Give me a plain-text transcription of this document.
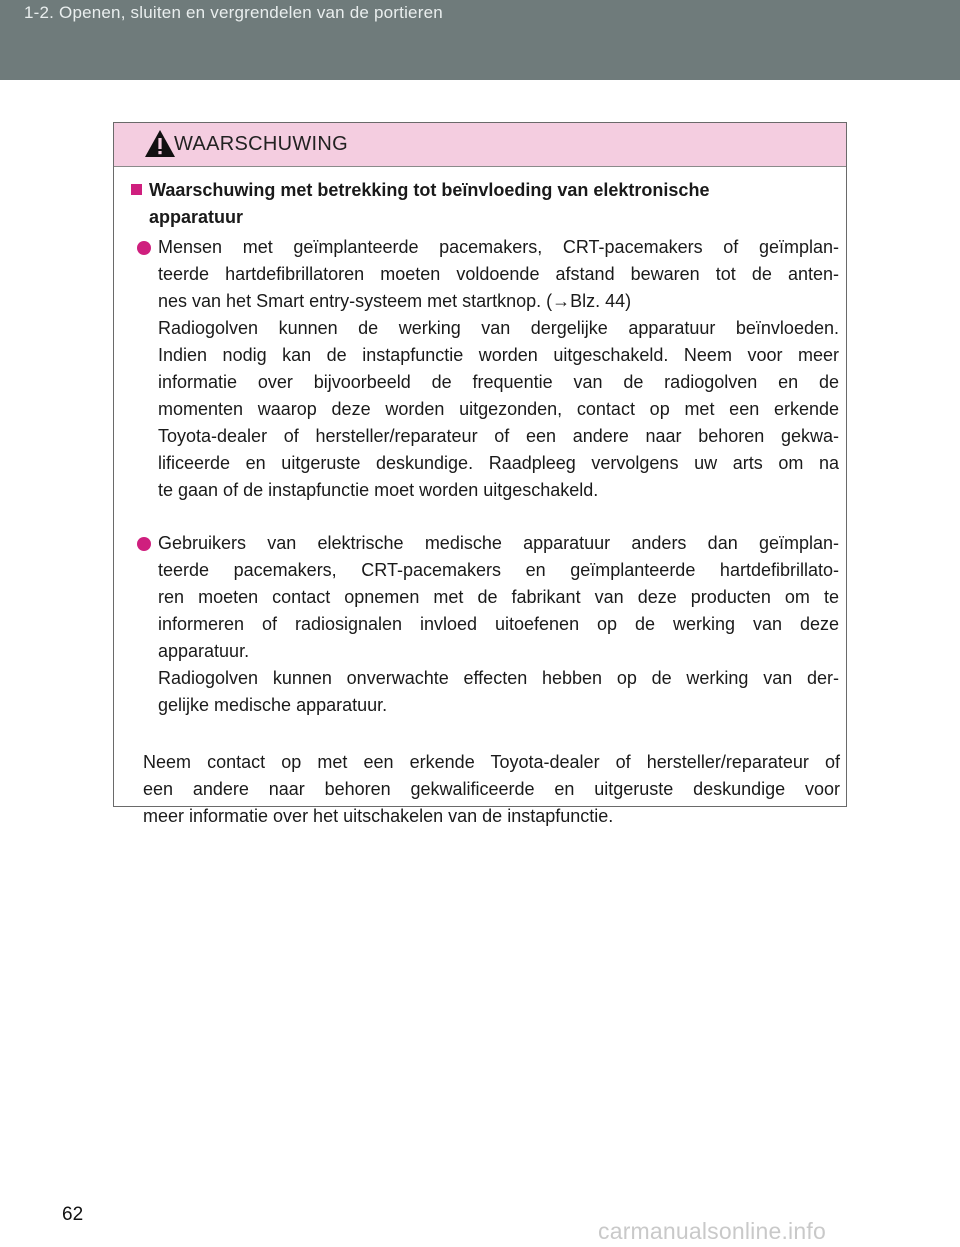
1-2. Openen, sluiten en vergrendelen van de portieren
WAARSCHUWING
Waarschuwing met betrekking tot beïnvloeding van elektronische
apparatuur
Mensen met geïmplanteerde pacemakers, CRT-pacemakers of geïmplan-
teerde hartdefibrillatoren moeten voldoende afstand bewaren tot de anten-
nes van het Smart entry-systeem met startknop. (→Blz. 44)
Radiogolven kunnen de werking van dergelijke apparatuur beïnvloeden.
Indien nodig kan de instapfunctie worden uitgeschakeld. Neem voor meer
informatie over bijvoorbeeld de frequentie van de radiogolven en de
momenten waarop deze worden uitgezonden, contact op met een erkende
Toyota-dealer of hersteller/reparateur of een andere naar behoren gekwa-
lificeerde en uitgeruste deskundige. Raadpleeg vervolgens uw arts om na
te gaan of de instapfunctie moet worden uitgeschakeld.
Gebruikers van elektrische medische apparatuur anders dan geïmplan-
teerde pacemakers, CRT-pacemakers en geïmplanteerde hartdefibrillato-
ren moeten contact opnemen met de fabrikant van deze producten om te
informeren of radiosignalen invloed uitoefenen op de werking van deze
apparatuur.
Radiogolven kunnen onverwachte effecten hebben op de werking van der-
gelijke medische apparatuur.
Neem contact op met een erkende Toyota-dealer of hersteller/reparateur of
een andere naar behoren gekwalificeerde en uitgeruste deskundige voor
meer informatie over het uitschakelen van de instapfunctie.
62
carmanualsonline.info
